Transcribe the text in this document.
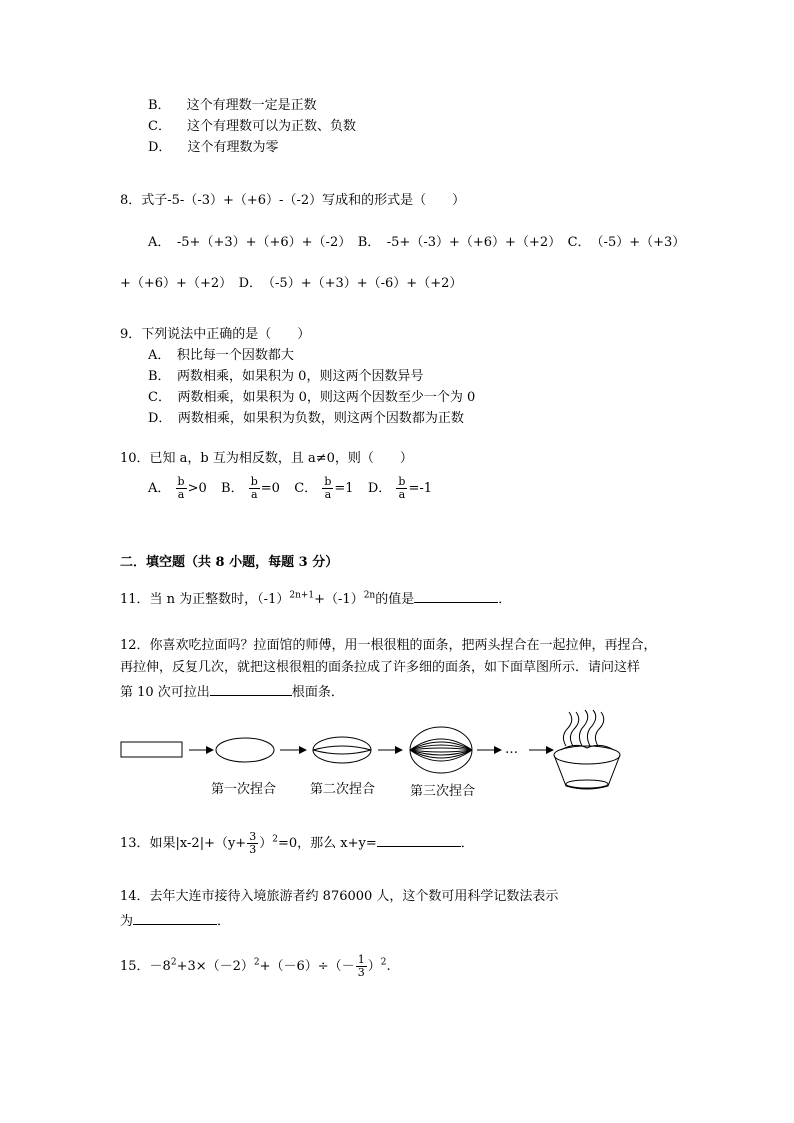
B． 这个有理数一定是正数
C． 这个有理数可以为正数、负数
D． 这个有理数为零
8．式子-5-（-3）+（+6）-（-2）写成和的形式是（　　）
A．　-5+（+3）+（+6）+（-2）　B．　-5+（-3）+（+6）+（+2）　C．　（-5）+（+3）
+（+6）+（+2）　D．　（-5）+（+3）+（-6）+（+2）
9．下列说法中正确的是（　　）
A．　积比每一个因数都大
B．　两数相乘，如果积为 0，则这两个因数异号
C．　两数相乘，如果积为 0，则这两个因数至少一个为 0
D．　两数相乘，如果积为负数，则这两个因数都为正数
10．已知 a，b 互为相反数，且 a≠0，则（　　）
A． $\frac{b}{a} >0$ B． $\frac{b}{a} =0$ C． $\frac{b}{a} =1$ D． $\frac{b}{a} =-1$
二．填空题（共 8 小题，每题 3 分）
11．当 n 为正整数时，$(-1)^{2n+1}+(-1)^{2n}$的值是	．
12．你喜欢吃拉面吗？拉面馆的师傅，用一根很粗的面条，把两头捏合在一起拉伸，再捏合，
再拉伸，反复几次，就把这根很粗的面条拉成了许多细的面条，如下面草图所示．请问这样
第 10 次可拉出	根面条．
…
第一次捏合	第二次捏合	第三次捏合
13．如果$|x-2|+(y+ \frac{3}{3} )^2=0$，那么 x+y=	．
14．去年大连市接待入境旅游者约 876000 人，这个数可用科学记数法表示
为	．
15．$-8^2+3\times(-2)^2+(-6)\div(- \frac{1}{3} )^2$.
